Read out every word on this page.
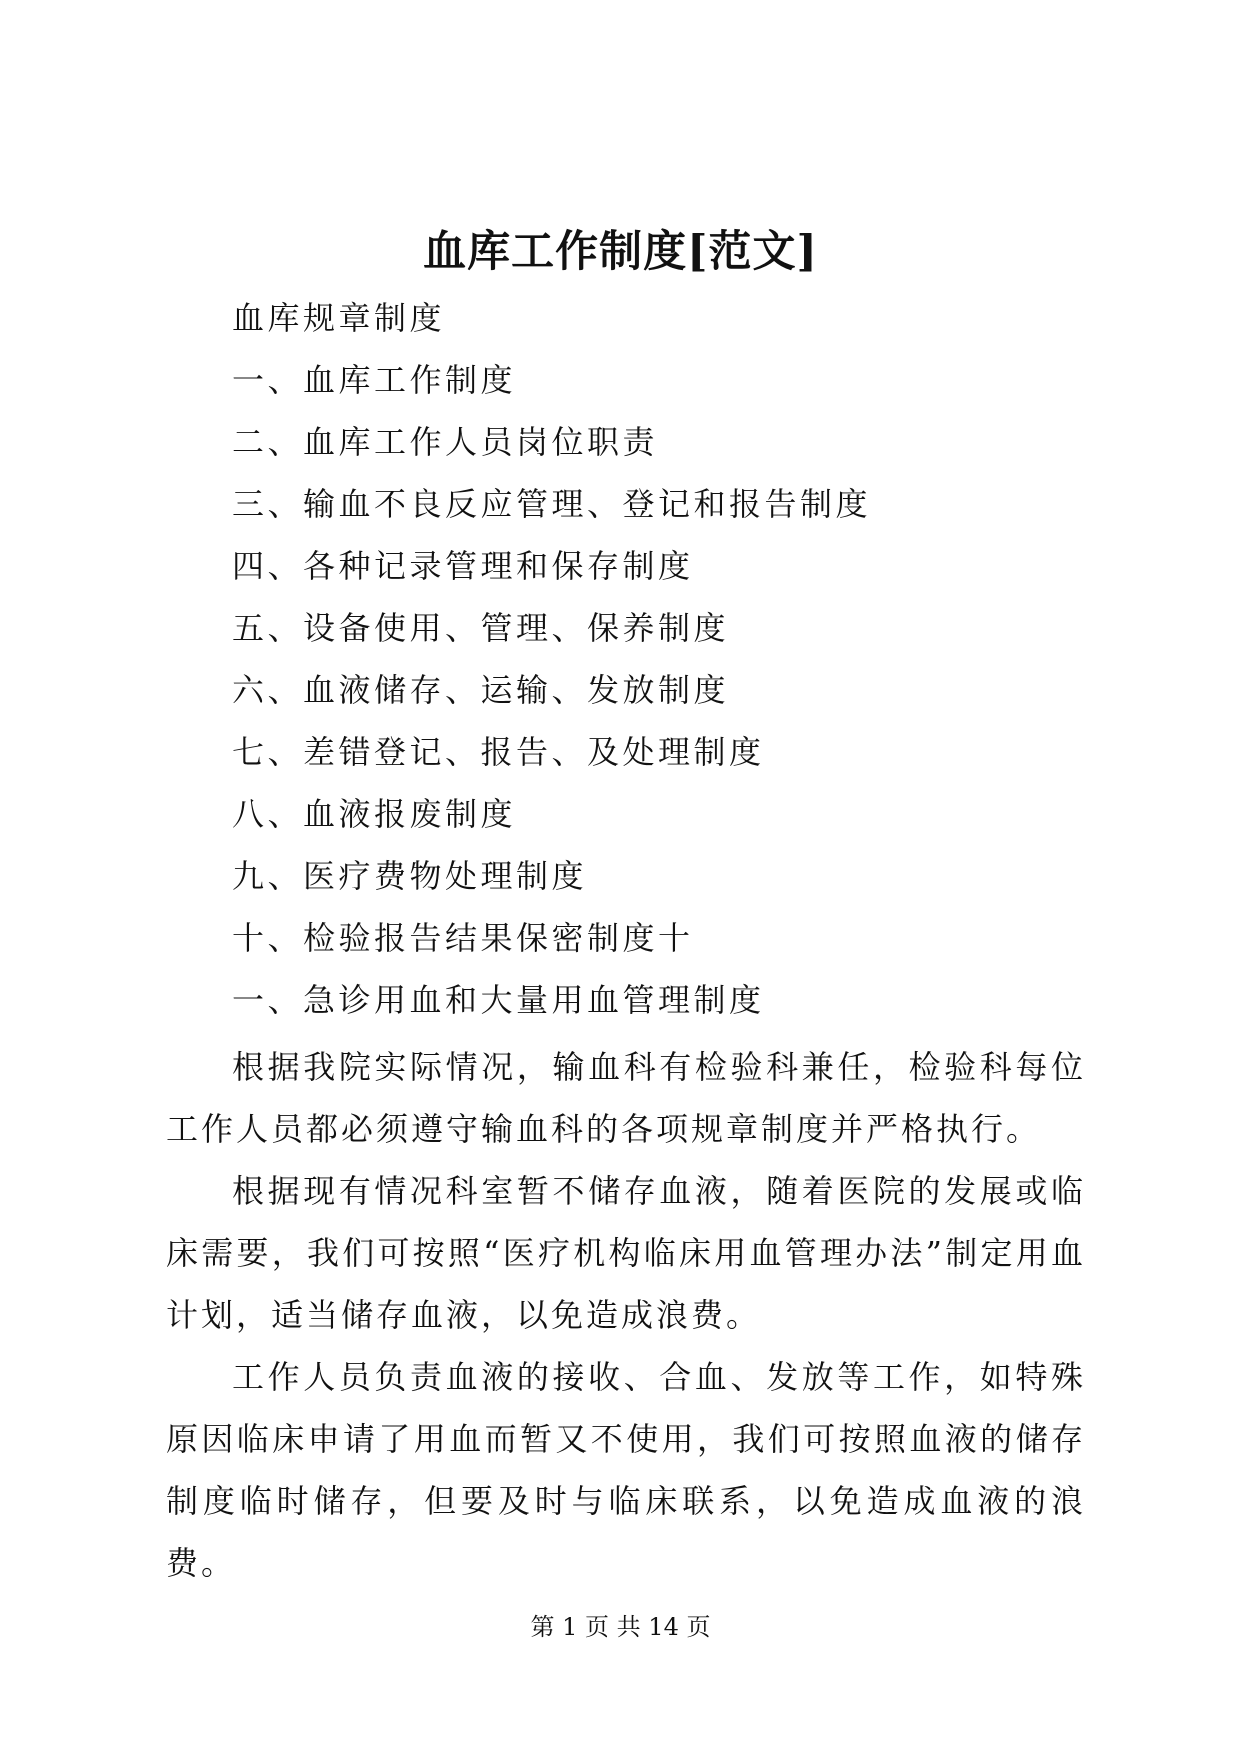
血库工作制度[范文]
血库规章制度
一、血库工作制度
二、血库工作人员岗位职责
三、输血不良反应管理、登记和报告制度
四、各种记录管理和保存制度
五、设备使用、管理、保养制度
六、血液储存、运输、发放制度
七、差错登记、报告、及处理制度
八、血液报废制度
九、医疗费物处理制度
十、检验报告结果保密制度十
一、急诊用血和大量用血管理制度

根据我院实际情况，输血科有检验科兼任，检验科每位工作人员都必须遵守输血科的各项规章制度并严格执行。

根据现有情况科室暂不储存血液，随着医院的发展或临床需要，我们可按照“医疗机构临床用血管理办法”制定用血计划，适当储存血液，以免造成浪费。

工作人员负责血液的接收、合血、发放等工作，如特殊原因临床申请了用血而暂又不使用，我们可按照血液的储存制度临时储存，但要及时与临床联系，以免造成血液的浪费。

第 1 页 共 14 页
